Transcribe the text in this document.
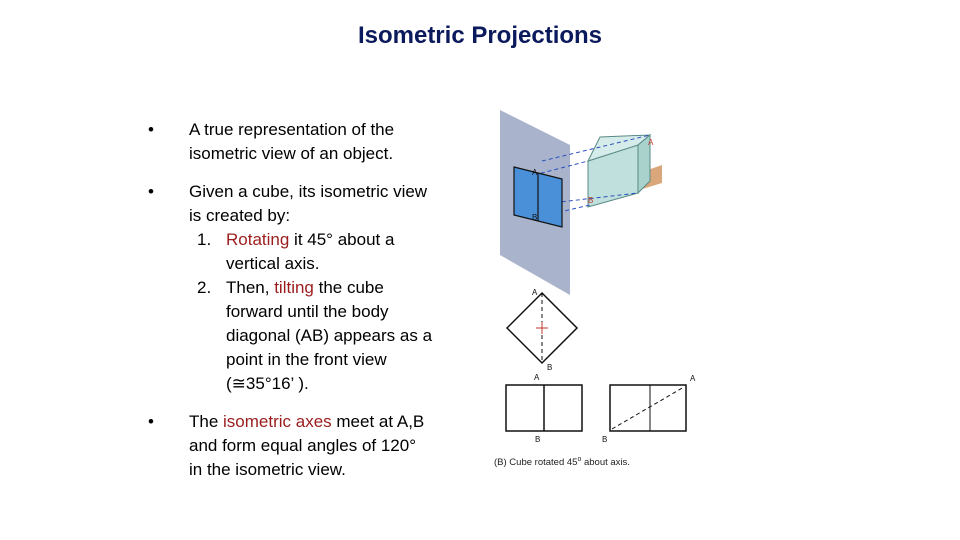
Isometric Projections
• A true representation of the
isometric view of an object.
• Given a cube, its isometric view
is created by:
1. Rotating it 45° about a
vertical axis.
2. Then, tilting the cube
forward until the body
diagonal (AB) appears as a
point in the front view
(≅35°16’ ).
• The isometric axes meet at A,B
and form equal angles of 120°
in the isometric view.
A
B
A
B
A
B
A
B
A
B
(B) Cube rotated 45$^o$ about axis.
